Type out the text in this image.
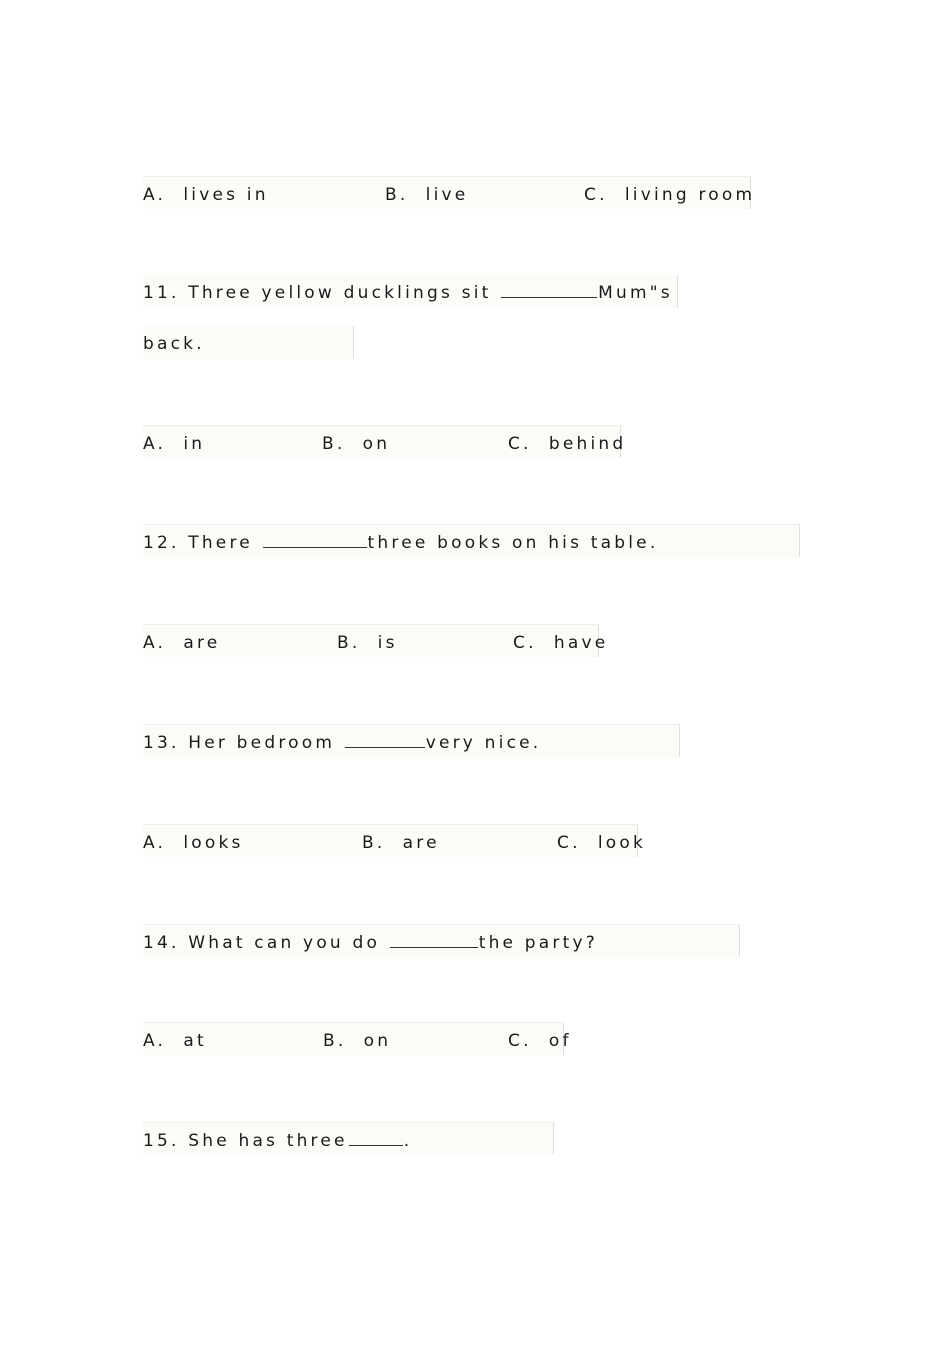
A.  lives in	B.  live	C.  living room
11. Three yellow ducklings sit	Mum"s
back.
A.  in	B.  on	C.  behind
12. There	three books on his table.
A.  are	B.  is	C.  have
13. Her bedroom	very nice.
A.  looks	B.  are	C.  look
14. What can you do	the party?
A.  at	B.  on	C.  of
15. She has three	.
